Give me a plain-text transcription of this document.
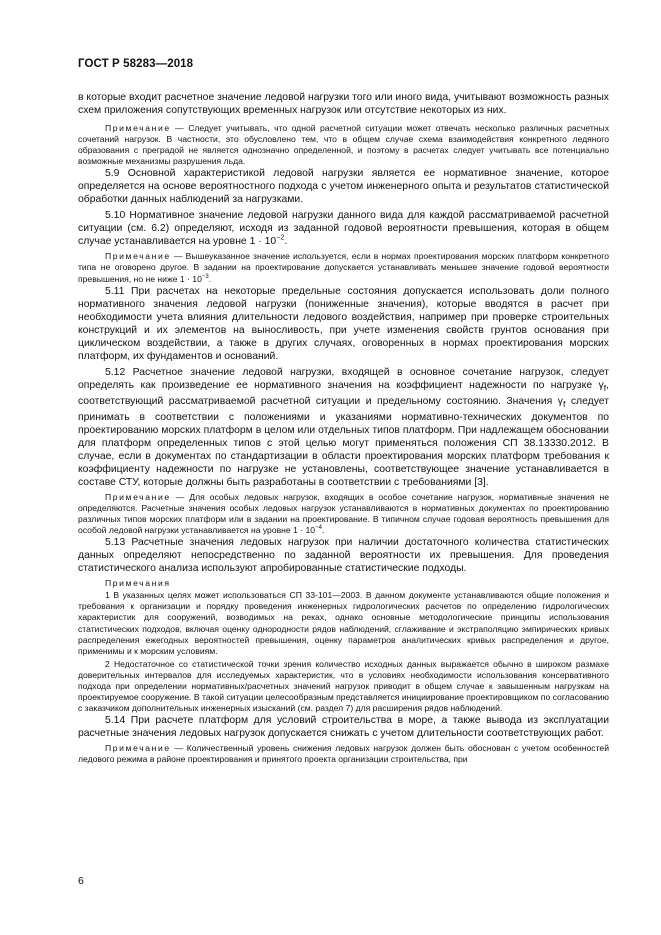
ГОСТ Р 58283—2018

в которые входит расчетное значение ледовой нагрузки того или иного вида, учитывают возможность разных схем приложения сопутствующих временных нагрузок или отсутствие некоторых из них.

Примечание — Следует учитывать, что одной расчетной ситуации может отвечать несколько различных расчетных сочетаний нагрузок. В частности, это обусловлено тем, что в общем случае схема взаимодействия конкретного ледяного образования с преградой не является однозначно определенной, и поэтому в расчетах следует учитывать все потенциально возможные механизмы разрушения льда.

5.9 Основной характеристикой ледовой нагрузки является ее нормативное значение, которое определяется на основе вероятностного подхода с учетом инженерного опыта и результатов статистической обработки данных наблюдений за нагрузками.

5.10 Нормативное значение ледовой нагрузки данного вида для каждой рассматриваемой расчетной ситуации (см. 6.2) определяют, исходя из заданной годовой вероятности превышения, которая в общем случае устанавливается на уровне $1 \cdot 10^{-2}$.

Примечание — Вышеуказанное значение используется, если в нормах проектирования морских платформ конкретного типа не оговорено другое. В задании на проектирование допускается устанавливать меньшее значение годовой вероятности превышения, но не ниже $1 \cdot 10^{-3}$.

5.11 При расчетах на некоторые предельные состояния допускается использовать доли полного нормативного значения ледовой нагрузки (пониженные значения), которые вводятся в расчет при необходимости учета влияния длительности ледового воздействия, например при проверке строительных конструкций и их элементов на выносливость, при учете изменения свойств грунтов основания при циклическом воздействии, а также в других случаях, оговоренных в нормах проектирования морских платформ, их фундаментов и оснований.

5.12 Расчетное значение ледовой нагрузки, входящей в основное сочетание нагрузок, следует определять как произведение ее нормативного значения на коэффициент надежности по нагрузке $\gamma_f$, соответствующий рассматриваемой расчетной ситуации и предельному состоянию. Значения $\gamma_f$ следует принимать в соответствии с положениями и указаниями нормативно-технических документов по проектированию морских платформ в целом или отдельных типов платформ. При надлежащем обосновании для платформ определенных типов с этой целью могут применяться положения СП 38.13330.2012. В случае, если в документах по стандартизации в области проектирования морских платформ требования к коэффициенту надежности по нагрузке не установлены, соответствующее значение устанавливается в составе СТУ, которые должны быть разработаны в соответствии с требованиями [3].

Примечание — Для особых ледовых нагрузок, входящих в особое сочетание нагрузок, нормативные значения не определяются. Расчетные значения особых ледовых нагрузок устанавливаются в нормативных документах по проектированию различных типов морских платформ или в задании на проектирование. В типичном случае годовая вероятность превышения для особой ледовой нагрузки устанавливается на уровне $1 \cdot 10^{-4}$.

5.13 Расчетные значения ледовых нагрузок при наличии достаточного количества статистических данных определяют непосредственно по заданной вероятности их превышения. Для проведения статистического анализа используют апробированные статистические подходы.

Примечания

1 В указанных целях может использоваться СП 33-101—2003. В данном документе устанавливаются общие положения и требования к организации и порядку проведения инженерных гидрологических расчетов по определению гидрологических характеристик для сооружений, возводимых на реках, однако основные методологические принципы использования статистических подходов, включая оценку однородности рядов наблюдений, сглаживание и экстраполяцию эмпирических кривых распределения ежегодных вероятностей превышения, оценку параметров аналитических кривых распределения и другое, применимы и к морским условиям.

2 Недостаточное со статистической точки зрения количество исходных данных выражается обычно в широком размахе доверительных интервалов для исследуемых характеристик, что в условиях необходимости использования консервативного подхода при определении нормативных/расчетных значений нагрузок приводит в общем случае к завышенным нагрузкам на проектируемое сооружение. В такой ситуации целесообразным представляется инициирование проектировщиком по согласованию с заказчиком дополнительных инженерных изысканий (см. раздел 7) для расширения рядов наблюдений.

5.14 При расчете платформ для условий строительства в море, а также вывода из эксплуатации расчетные значения ледовых нагрузок допускается снижать с учетом длительности соответствующих работ.

Примечание — Количественный уровень снижения ледовых нагрузок должен быть обоснован с учетом особенностей ледового режима в районе проектирования и принятого проекта организации строительства, при

6
